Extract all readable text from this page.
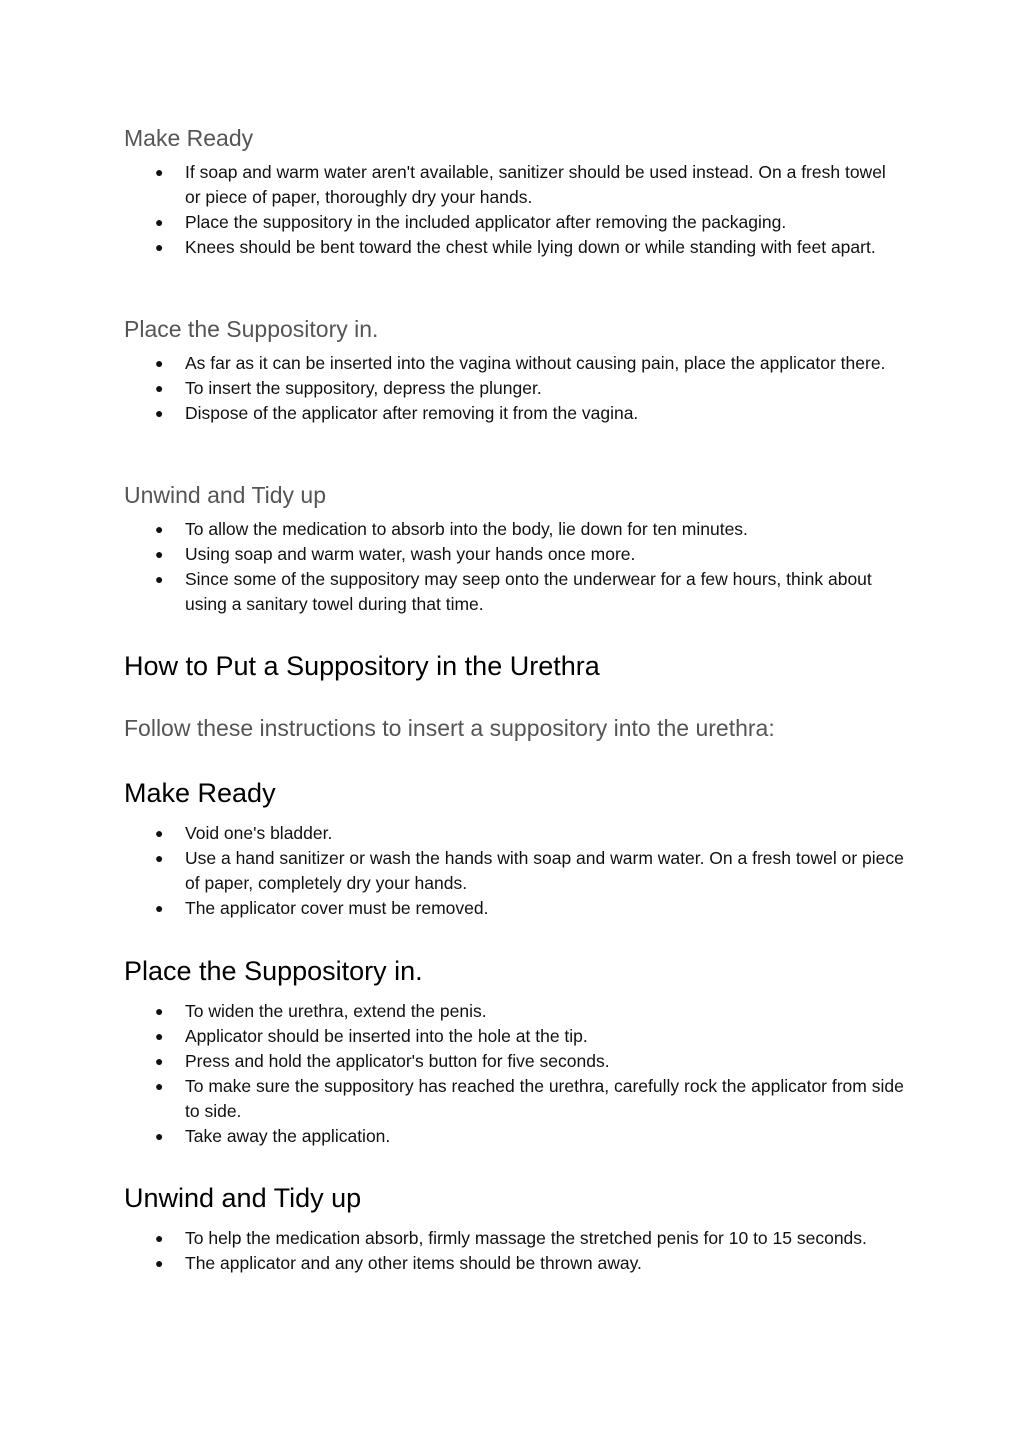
Make Ready
● If soap and warm water aren't available, sanitizer should be used instead. On a fresh towel or piece of paper, thoroughly dry your hands.
● Place the suppository in the included applicator after removing the packaging.
● Knees should be bent toward the chest while lying down or while standing with feet apart.
Place the Suppository in.
● As far as it can be inserted into the vagina without causing pain, place the applicator there.
● To insert the suppository, depress the plunger.
● Dispose of the applicator after removing it from the vagina.
Unwind and Tidy up
● To allow the medication to absorb into the body, lie down for ten minutes.
● Using soap and warm water, wash your hands once more.
● Since some of the suppository may seep onto the underwear for a few hours, think about using a sanitary towel during that time.
How to Put a Suppository in the Urethra

Follow these instructions to insert a suppository into the urethra:

Make Ready
● Void one's bladder.
● Use a hand sanitizer or wash the hands with soap and warm water. On a fresh towel or piece of paper, completely dry your hands.
● The applicator cover must be removed.
Place the Suppository in.
● To widen the urethra, extend the penis.
● Applicator should be inserted into the hole at the tip.
● Press and hold the applicator's button for five seconds.
● To make sure the suppository has reached the urethra, carefully rock the applicator from side to side.
● Take away the application.
Unwind and Tidy up
● To help the medication absorb, firmly massage the stretched penis for 10 to 15 seconds.
● The applicator and any other items should be thrown away.
